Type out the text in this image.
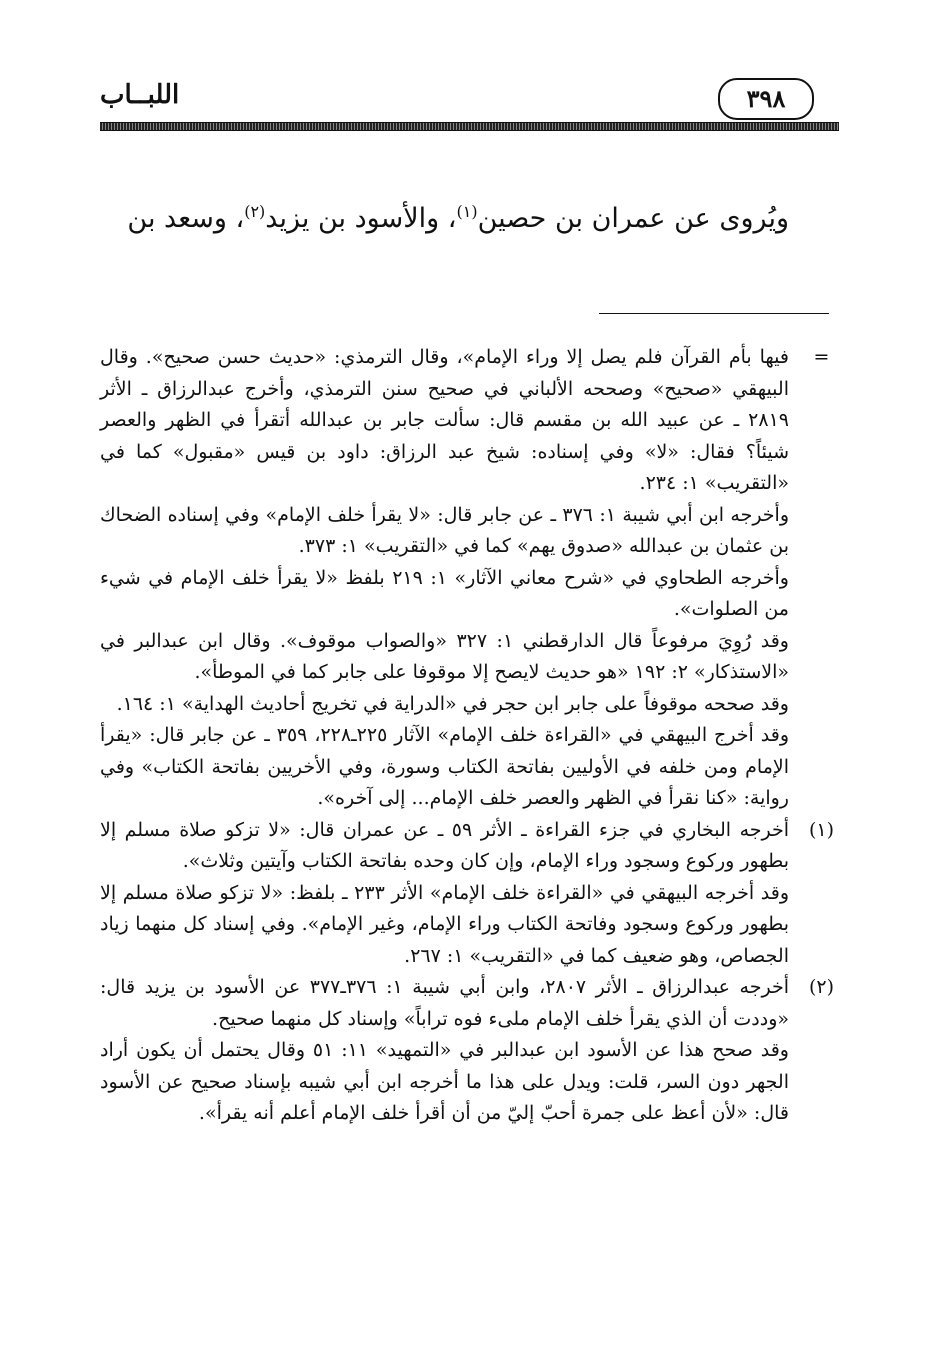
٣٩٨
اللبــاب
ويُروى عن عمران بن حصين$^{(١)}$، والأسود بن يزيد$^{(٢)}$، وسعد بن
=

فيها بأم القرآن فلم يصل إلا وراء الإمام»، وقال الترمذي: «حديث حسن صحيح». وقال البيهقي «صحيح» وصححه الألباني في صحيح سنن الترمذي، وأخرج عبدالرزاق ـ الأثر ٢٨١٩ ـ عن عبيد الله بن مقسم قال: سألت جابر بن عبدالله أتقرأ في الظهر والعصر شيئاً؟ فقال: «لا» وفي إسناده: شيخ عبد الرزاق: داود بن قيس «مقبول» كما في «التقريب» ١: ٢٣٤.

وأخرجه ابن أبي شيبة ١: ٣٧٦ ـ عن جابر قال: «لا يقرأ خلف الإمام» وفي إسناده الضحاك بن عثمان بن عبدالله «صدوق يهم» كما في «التقريب» ١: ٣٧٣.

وأخرجه الطحاوي في «شرح معاني الآثار» ١: ٢١٩ بلفظ «لا يقرأ خلف الإمام في شيء من الصلوات».

وقد رُوِيَ مرفوعاً قال الدارقطني ١: ٣٢٧ «والصواب موقوف». وقال ابن عبدالبر في «الاستذكار» ٢: ١٩٢ «هو حديث لايصح إلا موقوفا على جابر كما في الموطأ».

وقد صححه موقوفاً على جابر ابن حجر في «الدراية في تخريج أحاديث الهداية» ١: ١٦٤.

وقد أخرج البيهقي في «القراءة خلف الإمام» الآثار ٢٢٥ـ٢٢٨، ٣٥٩ ـ عن جابر قال: «يقرأ الإمام ومن خلفه في الأوليين بفاتحة الكتاب وسورة، وفي الأخريين بفاتحة الكتاب» وفي رواية: «كنا نقرأ في الظهر والعصر خلف الإمام... إلى آخره».

(١)

أخرجه البخاري في جزء القراءة ـ الأثر ٥٩ ـ عن عمران قال: «لا تزكو صلاة مسلم إلا بطهور وركوع وسجود وراء الإمام، وإن كان وحده بفاتحة الكتاب وآيتين وثلاث».

وقد أخرجه البيهقي في «القراءة خلف الإمام» الأثر ٢٣٣ ـ بلفظ: «لا تزكو صلاة مسلم إلا بطهور وركوع وسجود وفاتحة الكتاب وراء الإمام، وغير الإمام». وفي إسناد كل منهما زياد الجصاص، وهو ضعيف كما في «التقريب» ١: ٢٦٧.

(٢)

أخرجه عبدالرزاق ـ الأثر ٢٨٠٧، وابن أبي شيبة ١: ٣٧٦ـ٣٧٧ عن الأسود بن يزيد قال: «وددت أن الذي يقرأ خلف الإمام ملىء فوه تراباً» وإسناد كل منهما صحيح.

وقد صحح هذا عن الأسود ابن عبدالبر في «التمهيد» ١١: ٥١ وقال يحتمل أن يكون أراد الجهر دون السر، قلت: ويدل على هذا ما أخرجه ابن أبي شيبه بإسناد صحيح عن الأسود قال: «لأن أعظ على جمرة أحبّ إليّ من أن أقرأ خلف الإمام أعلم أنه يقرأ».
